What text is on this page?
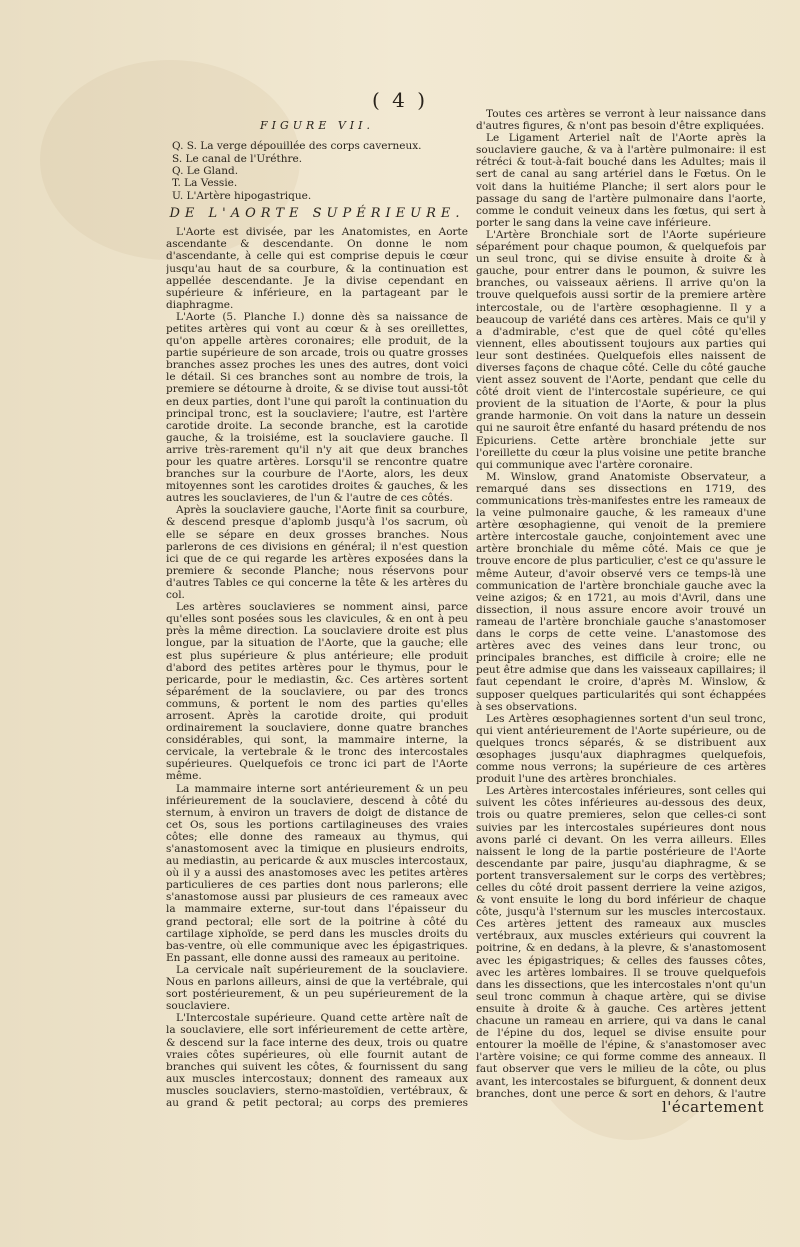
( 4 )
FIGURE VII.
Q. S. La verge dépouillée des corps caverneux.
S. Le canal de l'Uréthre.
Q. Le Gland.
T. La Vessie.
U. L'Artère hipogastrique.
DE L'AORTE SUPÉRIEURE.

L'Aorte est divisée, par les Anatomistes, en Aorte ascendante & descendante. On donne le nom d'ascendante, à celle qui est comprise depuis le cœur jusqu'au haut de sa courbure, & la continuation est appellée descendante. Je la divise cependant en supérieure & inférieure, en la partageant par le diaphragme.

L'Aorte (5. Planche I.) donne dès sa naissance de petites artères qui vont au cœur & à ses oreillettes, qu'on appelle artères coronaires; elle produit, de la partie supérieure de son arcade, trois ou quatre grosses branches assez proches les unes des autres, dont voici le détail. Si ces branches sont au nombre de trois, la premiere se détourne à droite, & se divise tout aussi-tôt en deux parties, dont l'une qui paroît la continuation du principal tronc, est la souclaviere; l'autre, est l'artère carotide droite. La seconde branche, est la carotide gauche, & la troisiéme, est la souclaviere gauche. Il arrive très-rarement qu'il n'y ait que deux branches pour les quatre artères. Lorsqu'il se rencontre quatre branches sur la courbure de l'Aorte, alors, les deux mitoyennes sont les carotides droites & gauches, & les autres les souclavieres, de l'un & l'autre de ces côtés.

Après la souclaviere gauche, l'Aorte finit sa courbure, & descend presque d'aplomb jusqu'à l'os sacrum, où elle se sépare en deux grosses branches. Nous parlerons de ces divisions en général; il n'est question ici que de ce qui regarde les artères exposées dans la premiere & seconde Planche; nous réservons pour d'autres Tables ce qui concerne la tête & les artères du col.

Les artères souclavieres se nomment ainsi, parce qu'elles sont posées sous les clavicules, & en ont à peu près la même direction. La souclaviere droite est plus longue, par la situation de l'Aorte, que la gauche; elle est plus supérieure & plus antérieure; elle produit d'abord des petites artères pour le thymus, pour le pericarde, pour le mediastin, &c. Ces artères sortent séparément de la souclaviere, ou par des troncs communs, & portent le nom des parties qu'elles arrosent. Après la carotide droite, qui produit ordinairement la souclaviere, donne quatre branches considérables, qui sont, la mammaire interne, la cervicale, la vertebrale & le tronc des intercostales supérieures. Quelquefois ce tronc ici part de l'Aorte même.

La mammaire interne sort antérieurement & un peu inférieurement de la souclaviere, descend à côté du sternum, à environ un travers de doigt de distance de cet Os, sous les portions cartilagineuses des vraies côtes; elle donne des rameaux au thymus, qui s'anastomosent avec la timique en plusieurs endroits, au mediastin, au pericarde & aux muscles intercostaux, où il y a aussi des anastomoses avec les petites artères particulieres de ces parties dont nous parlerons; elle s'anastomose aussi par plusieurs de ces rameaux avec la mammaire externe, sur-tout dans l'épaisseur du grand pectoral; elle sort de la poitrine à côté du cartilage xiphoïde, se perd dans les muscles droits du bas-ventre, où elle communique avec les épigastriques. En passant, elle donne aussi des rameaux au peritoine.

La cervicale naît supérieurement de la souclaviere. Nous en parlons ailleurs, ainsi de que la vertébrale, qui sort postérieurement, & un peu supérieurement de la souclaviere.

L'Intercostale supérieure. Quand cette artère naît de la souclaviere, elle sort inférieurement de cette artère, & descend sur la face interne des deux, trois ou quatre vraies côtes supérieures, où elle fournit autant de branches qui suivent les côtes, & fournissent du sang aux muscles intercostaux; donnent des rameaux aux muscles souclaviers, sterno-mastoïdien, vertébraux, & au grand & petit pectoral; au corps des premieres

Toutes ces artères se verront à leur naissance dans d'autres figures, & n'ont pas besoin d'être expliquées.

Le Ligament Arteriel naît de l'Aorte après la souclaviere gauche, & va à l'artère pulmonaire: il est rétréci & tout-à-fait bouché dans les Adultes; mais il sert de canal au sang artériel dans le Fœtus. On le voit dans la huitiéme Planche; il sert alors pour le passage du sang de l'artère pulmonaire dans l'aorte, comme le conduit veineux dans les fœtus, qui sert à porter le sang dans la veine cave inférieure.

L'Artère Bronchiale sort de l'Aorte supérieure séparément pour chaque poumon, & quelquefois par un seul tronc, qui se divise ensuite à droite & à gauche, pour entrer dans le poumon, & suivre les branches, ou vaisseaux aëriens. Il arrive qu'on la trouve quelquefois aussi sortir de la premiere artère intercostale, ou de l'artère œsophagienne. Il y a beaucoup de variété dans ces artères. Mais ce qu'il y a d'admirable, c'est que de quel côté qu'elles viennent, elles aboutissent toujours aux parties qui leur sont destinées. Quelquefois elles naissent de diverses façons de chaque côté. Celle du côté gauche vient assez souvent de l'Aorte, pendant que celle du côté droit vient de l'intercostale supérieure, ce qui provient de la situation de l'Aorte, & pour la plus grande harmonie. On voit dans la nature un dessein qui ne sauroit être enfanté du hasard prétendu de nos Epicuriens. Cette artère bronchiale jette sur l'oreillette du cœur la plus voisine une petite branche qui communique avec l'artère coronaire.

M. Winslow, grand Anatomiste Observateur, a remarqué dans ses dissections en 1719, des communications très-manifestes entre les rameaux de la veine pulmonaire gauche, & les rameaux d'une artère œsophagienne, qui venoit de la premiere artère intercostale gauche, conjointement avec une artère bronchiale du même côté. Mais ce que je trouve encore de plus particulier, c'est ce qu'assure le même Auteur, d'avoir observé vers ce temps-là une communication de l'artère bronchiale gauche avec la veine azigos; & en 1721, au mois d'Avril, dans une dissection, il nous assure encore avoir trouvé un rameau de l'artère bronchiale gauche s'anastomoser dans le corps de cette veine. L'anastomose des artères avec des veines dans leur tronc, ou principales branches, est difficile à croire; elle ne peut être admise que dans les vaisseaux capillaires; il faut cependant le croire, d'après M. Winslow, & supposer quelques particularités qui sont échappées à ses observations.

Les Artères œsophagiennes sortent d'un seul tronc, qui vient antérieurement de l'Aorte supérieure, ou de quelques troncs séparés, & se distribuent aux œsophages jusqu'aux diaphragmes quelquefois, comme nous verrons; la supérieure de ces artères produit l'une des artères bronchiales.

Les Artères intercostales inférieures, sont celles qui suivent les côtes inférieures au-dessous des deux, trois ou quatre premieres, selon que celles-ci sont suivies par les intercostales supérieures dont nous avons parlé ci devant. On les verra ailleurs. Elles naissent le long de la partie postérieure de l'Aorte descendante par paire, jusqu'au diaphragme, & se portent transversalement sur le corps des vertèbres; celles du côté droit passent derriere la veine azigos, & vont ensuite le long du bord inférieur de chaque côte, jusqu'à l'sternum sur les muscles intercostaux. Ces artères jettent des rameaux aux muscles vertébraux, aux muscles extérieurs qui couvrent la poitrine, & en dedans, à la plevre, & s'anastomosent avec les épigastriques; & celles des fausses côtes, avec les artères lombaires. Il se trouve quelquefois dans les dissections, que les intercostales n'ont qu'un seul tronc commun à chaque artère, qui se divise ensuite à droite & à gauche. Ces artères jettent chacune un rameau en arriere, qui va dans le canal de l'épine du dos, lequel se divise ensuite pour entourer la moëlle de l'épine, & s'anastomoser avec l'artère voisine; ce qui forme comme des anneaux. Il faut observer que vers le milieu de la côte, ou plus avant, les intercostales se bifurguent, & donnent deux branches, dont une perce & sort en dehors, & l'autre

l'écartement
